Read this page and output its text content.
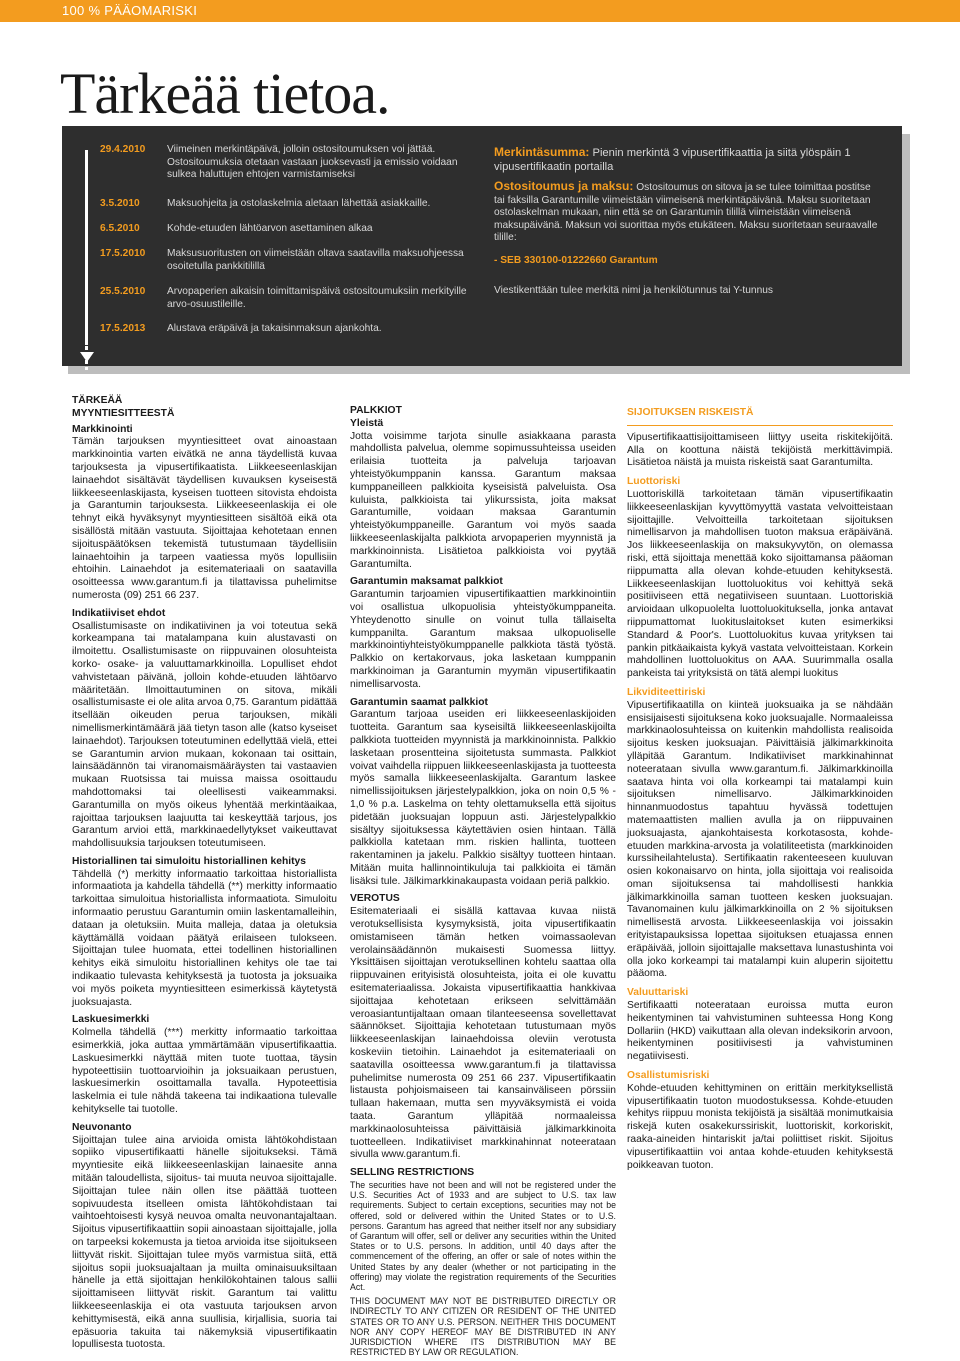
100 % PÄÄOMARISKI
Tärkeää tietoa.
29.4.2010	Viimeinen merkintäpäivä, jolloin ostositoumuksen voi jättää. Ostositoumuksia otetaan vastaan juoksevasti ja emissio voidaan sulkea haluttujen ehtojen varmistamiseksi
3.5.2010	Maksuohjeita ja ostolaskelmia aletaan lähettää asiakkaille.
6.5.2010	Kohde-etuuden lähtöarvon asettaminen alkaa
17.5.2010	Maksusuoritusten on viimeistään oltava saatavilla maksuohjeessa osoitetulla pankkitilillä
25.5.2010	Arvopaperien aikaisin toimittamispäivä ostositoumuksiin merkityille arvo-osuustileille.
17.5.2013	Alustava eräpäivä ja takaisinmaksun ajankohta.
Merkintäsumma: Pienin merkintä 3 vipusertifikaattia ja siitä ylöspäin 1 vipusertifikaatin portailla
Ostositoumus ja maksu: Ostositoumus on sitova ja se tulee toimittaa postitse tai faksilla Garantumille viimeistään viimeisenä merkintäpäivänä. Maksu suoritetaan ostolaskelman mukaan, niin että se on Garantumin tilillä viimeistään viimeisenä maksupäivänä. Maksun voi suorittaa myös etukäteen. Maksu suoritetaan seuraavalle tilille:
- SEB 330100-01222660 Garantum
Viestikenttään tulee merkitä nimi ja henkilötunnus tai Y-tunnus
TÄRKEÄÄ
MYYNTIESITTEESTÄ
Markkinointi

Tämän tarjouksen myyntiesitteet ovat ainoastaan markkinointia varten eivätkä ne anna täydellistä kuvaa tarjouksesta ja vipusertifikaatista. Liikkeeseenlaskijan lainaehdot sisältävät täydellisen kuvauksen kyseisestä liikkeeseenlaskijasta, kyseisen tuotteen sitovista ehdoista ja Garantumin tarjouksesta. Liikkeeseenlaskija ei ole tehnyt eikä hyväksynyt myyntiesitteen sisältöä eikä ota sisällöstä mitään vastuuta. Sijoittajaa kehotetaan ennen sijoituspäätöksen tekemistä tutustumaan täydellisiin lainaehtoihin ja tarpeen vaatiessa myös lopullisiin ehtoihin. Lainaehdot ja esitemateriaali on saatavilla osoitteessa www.garantum.fi ja tilattavissa puhelimitse numerosta (09) 251 66 237.

Indikatiiviset ehdot

Osallistumisaste on indikatiivinen ja voi toteutua sekä korkeampana tai matalampana kuin alustavasti on ilmoitettu. Osallistumisaste on riippuvainen olosuhteista korko- osake- ja valuuttamarkkinoilla. Lopulliset ehdot vahvistetaan päivänä, jolloin kohde-etuuden lähtöarvo määritetään. Ilmoittautuminen on sitova, mikäli osallistumisaste ei ole alita arvoa 0,75. Garantum pidättää itsellään oikeuden perua tarjouksen, mikäli nimellismerkintämäärä jää tietyn tason alle (katso kyseiset lainaehdot). Tarjouksen toteutuminen edellyttää vielä, ettei se Garantumin arvion mukaan, kokonaan tai osittain, lainsäädännön tai viranomaismääräysten tai vastaavien mukaan Ruotsissa tai muissa maissa osoittaudu mahdottomaksi tai oleellisesti vaikeammaksi. Garantumilla on myös oikeus lyhentää merkintäaikaa, rajoittaa tarjouksen laajuutta tai keskeyttää tarjous, jos Garantum arvioi että, markkinaedellytykset vaikeuttavat mahdollisuuksia tarjouksen toteutumiseen.

Historiallinen tai simuloitu historiallinen kehitys

Tähdellä (*) merkitty informaatio tarkoittaa historiallista informaatiota ja kahdella tähdellä (**) merkitty informaatio tarkoittaa simuloitua historiallista informaatiota. Simuloitu informaatio perustuu Garantumin omiin laskentamalleihin, dataan ja oletuksiin. Muita malleja, dataa ja oletuksia käyttämällä voidaan päätyä erilaiseen tulokseen. Sijoittajan tulee huomata, ettei todellinen historiallinen kehitys eikä simuloitu historiallinen kehitys ole tae tai indikaatio tulevasta kehityksestä ja tuotosta ja joksuaika voi myös poiketa myyntiesitteen esimerkissä käytetystä juoksuajasta.

Laskuesimerkki

Kolmella tähdellä (***) merkitty informaatio tarkoittaa esimerkkiä, joka auttaa ymmärtämään vipusertifikaattia. Laskuesimerkki näyttää miten tuote tuottaa, täysin hypoteettisiin tuottoarvioihin ja joksuaikaan perustuen, laskuesimerkin osoittamalla tavalla. Hypoteettisia laskelmia ei tule nähdä takeena tai indikaationa tulevalle kehitykselle tai tuotolle.

Neuvonanto

Sijoittajan tulee aina arvioida omista lähtökohdistaan sopiiko vipusertifikaatti hänelle sijoitukseksi. Tämä myyntiesite eikä liikkeeseenlaskijan lainaesite anna mitään taloudellista, sijoitus- tai muuta neuvoa sijoittajalle. Sijoittajan tulee näin ollen itse päättää tuotteen sopivuudesta itselleen omista lähtökohdistaan tai vaihtoehtoisesti kysyä neuvoa omalta neuvonantajaltaan. Sijoitus vipusertifikaattiin sopii ainoastaan sijoittajalle, jolla on tarpeeksi kokemusta ja tietoa arvioida itse sijoitukseen liittyvät riskit. Sijoittajan tulee myös varmistua siitä, että sijoitus sopii juoksuajaltaan ja muilta ominaisuuksiltaan hänelle ja että sijoittajan henkilökohtainen talous sallii sijoittamiseen liittyvät riskit. Garantum tai valittu liikkeeseenlaskija ei ota vastuuta tarjouksen arvon kehittymisestä, eikä anna suullisia, kirjallisia, suoria tai epäsuoria takuita tai näkemyksiä vipusertifikaatin lopullisesta tuotosta.

PALKKIOT
Yleistä

Jotta voisimme tarjota sinulle asiakkaana parasta mahdollista palvelua, olemme sopimussuhteissa useiden erilaisia tuotteita ja palveluja tarjoavan yhteistyökumppanin kanssa. Garantum maksaa kumppaneilleen palkkioita kyseisistä palveluista. Osa kuluista, palkkioista tai ylikurssista, joita maksat Garantumille, voidaan maksaa Garantumin yhteistyökumppaneille. Garantum voi myös saada liikkeeseenlaskijalta palkkiota arvopaperien myynnistä ja markkinoinnista. Lisätietoa palkkioista voi pyytää Garantumilta.

Garantumin maksamat palkkiot

Garantumin tarjoamien vipusertifikaattien markkinointiin voi osallistua ulkopuolisia yhteistyökumppaneita. Yhteydenotto sinulle on voinut tulla tällaiselta kumppanilta. Garantum maksaa ulkopuoliselle markkinointiyhteistyökumppanelle palkkiota tästä työstä. Palkkio on kertakorvaus, joka lasketaan kumppanin markkinoiman ja Garantumin myymän vipusertifikaatin nimellisarvosta.

Garantumin saamat palkkiot

Garantum tarjoaa useiden eri liikkeeseenlaskijoiden tuotteita. Garantum saa kyseisiltä liikkeeseenlaskijoilta palkkiota tuotteiden myynnistä ja markkinoinnista. Palkkio lasketaan prosentteina sijoitetusta summasta. Palkkiot voivat vaihdella riippuen liikkeeseenlaskijasta ja tuotteesta myös samalla liikkeeseenlaskijalta. Garantum laskee nimellissijoituksen järjestelypalkkion, joka on noin 0,5 % - 1,0 % p.a. Laskelma on tehty olettamuksella että sijoitus pidetään juoksuajan loppuun asti. Järjestelypalkkio sisältyy sijoituksessa käytettävien osien hintaan. Tällä palkkiolla katetaan mm. riskien hallinta, tuotteen rakentaminen ja jakelu. Palkkio sisältyy tuotteen hintaan. Mitään muita hallinnointikuluja tai palkkioita ei tämän lisäksi tule. Jälkimarkkinakaupasta voidaan periä palkkio.

VEROTUS

Esitemateriaali ei sisällä kattavaa kuvaa niistä verotuksellisista kysymyksistä, joita vipusertifikaatin omistamiseen tämän hetken voimassaolevan verolainsäädännön mukaisesti Suomessa liittyy. Yksittäisen sijoittajan verotuksellinen kohtelu saattaa olla riippuvainen erityisistä olosuhteista, joita ei ole kuvattu esitemateriaalissa. Jokaista vipusertifikaattia hankkivaa sijoittajaa kehotetaan erikseen selvittämään veroasiantuntijaltaan omaan tilanteeseensa sovellettavat säännökset. Sijoittajia kehotetaan tutustumaan myös liikkeeseenlaskijan lainaehdoissa oleviin verotusta koskeviin tietoihin. Lainaehdot ja esitemateriaali on saatavilla osoitteessa www.garantum.fi ja tilattavissa puhelimitse numerosta 09 251 66 237. Vipusertifikaatin listausta pohjoismaiseen tai kansainväliseen pörssiin tullaan hakemaan, mutta sen myyväksymistä ei voida taata. Garantum ylläpitää normaaleissa markkinaolosuhteissa päivittäisiä jälkimarkkinoita tuotteelleen. Indikatiiviset markkinahinnat noteerataan sivulla www.garantum.fi.

SELLING RESTRICTIONS

The securities have not been and will not be registered under the U.S. Securities Act of 1933 and are subject to U.S. tax law requirements. Subject to certain exceptions, securities may not be offered, sold or delivered within the United States or to U.S. persons. Garantum has agreed that neither itself nor any subsidiary of Garantum will offer, sell or deliver any securities within the United States or to U.S. persons. In addition, until 40 days after the commencement of the offering, an offer or sale of notes within the United States by any dealer (whether or not participating in the offering) may violate the registration requirements of the Securities Act.

THIS DOCUMENT MAY NOT BE DISTRIBUTED DIRECTLY OR INDIRECTLY TO ANY CITIZEN OR RESIDENT OF THE UNITED STATES OR TO ANY U.S. PERSON. NEITHER THIS DOCUMENT NOR ANY COPY HEREOF MAY BE DISTRIBUTED IN ANY JURISDICTION WHERE ITS DISTRIBUTION MAY BE RESTRICTED BY LAW OR REGULATION.

SIJOITUKSEN RISKEISTÄ

Vipusertifikaattisijoittamiseen liittyy useita riskitekijöitä. Alla on koottuna näistä tekijöistä merkittävimpiä. Lisätietoa näistä ja muista riskeistä saat Garantumilta.

Luottoriski

Luottoriskillä tarkoitetaan tämän vipusertifikaatin liikkeeseenlaskijan kyvyttömyyttä vastata velvoitteistaan sijoittajille. Velvoitteilla tarkoitetaan sijoituksen nimellisarvon ja mahdollisen tuoton maksua eräpäivänä. Jos liikkeeseenlaskija on maksukyvytön, on olemassa riski, että sijoittaja menettää koko sijoittamansa pääoman riippumatta alla olevan kohde-etuuden kehityksestä. Liikkeeseenlaskijan luottoluokitus voi kehittyä sekä positiiviseen että negatiiviseen suuntaan. Luottoriskiä arvioidaan ulkopuolelta luottoluokituksella, jonka antavat riippumattomat luokituslaitokset kuten esimerkiksi Standard & Poor's. Luottoluokitus kuvaa yrityksen tai pankin pitkäaikaista kykyä vastata velvoitteistaan. Korkein mahdollinen luottoluokitus on AAA. Suurimmalla osalla pankeista tai yrityksistä on tätä alempi luokitus

Likviditeettiriski

Vipusertifikaatilla on kiinteä juoksuaika ja se nähdään ensisijaisesti sijoituksena koko juoksuajalle. Normaaleissa markkinaolosuhteissa on kuitenkin mahdollista realisoida sijoitus kesken juoksuajan. Päivittäisiä jälkimarkkinoita ylläpitää Garantum. Indikatiiviset markkinahinnat noteerataan sivulla www.garantum.fi. Jälkimarkkinoilla saatava hinta voi olla korkeampi tai matalampi kuin sijoituksen nimellisarvo. Jälkimarkkinoiden hinnanmuodostus tapahtuu hyvässä todettujen matemaattisten mallien avulla ja on riippuvainen juoksuajasta, ajankohtaisesta korkotasosta, kohde-etuuden markkina-arvosta ja volatiliteetista (markkinoiden kurssiheilahtelusta). Sertifikaatin rakenteeseen kuuluvan osien kokonaisarvo on hinta, jolla sijoittaja voi realisoida oman sijoituksensa tai mahdollisesti hankkia jälkimarkkinoilla saman tuotteen kesken juoksuajan. Tavanomainen kulu jälkimarkkinoilla on 2 % sijoituksen nimellisestä arvosta. Liikkeeseenlaskija voi joissakin erityistapauksissa lopettaa sijoituksen etuajassa ennen eräpäivää, jolloin sijoittajalle maksettava lunastushinta voi olla joko korkeampi tai matalampi kuin aluperin sijoitettu pääoma.

Valuuttariski

Sertifikaatti noteerataan euroissa mutta euron heikentyminen tai vahvistuminen suhteessa Hong Kong Dollariin (HKD) vaikuttaan alla olevan indeksikorin arvoon, heikentyminen positiivisesti ja vahvistuminen negatiivisesti.

Osallistumisriski

Kohde-etuuden kehittyminen on erittäin merkityksellistä vipusertifikaatin tuoton muodostuksessa. Kohde-etuuden kehitys riippuu monista tekijöistä ja sisältää monimutkaisia riskejä kuten osakekurssiriskit, luottoriskit, korkoriskit, raaka-aineiden hintariskit ja/tai poliittiset riskit. Sijoitus vipusertifikaattiin voi antaa kohde-etuuden kehityksestä poikkeavan tuoton.
